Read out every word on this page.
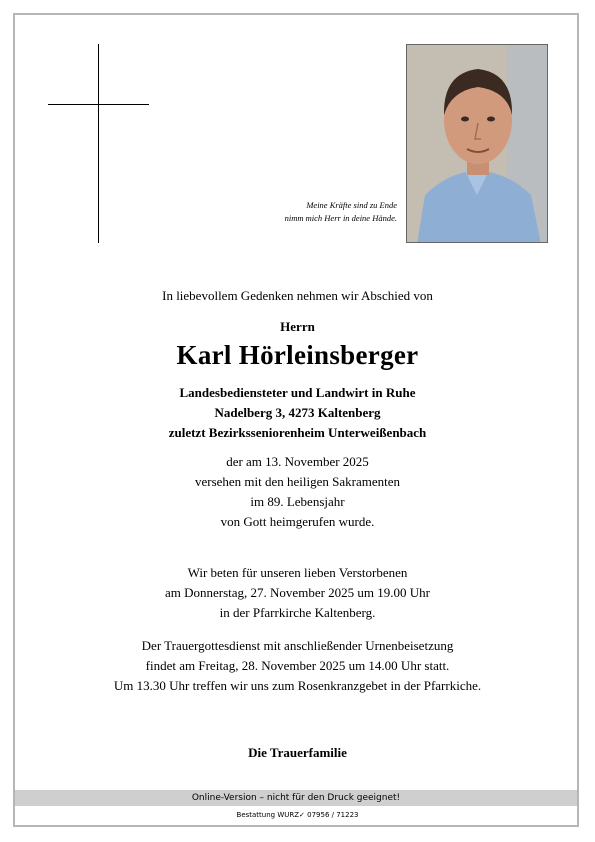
Meine Kräfte sind zu Ende
nimm mich Herr in deine Hände.
In liebevollem Gedenken nehmen wir Abschied von
Herrn
Karl Hörleinsberger
Landesbediensteter und Landwirt in Ruhe
Nadelberg 3, 4273 Kaltenberg
zuletzt Bezirksseniorenheim Unterweißenbach
der am 13. November 2025
versehen mit den heiligen Sakramenten
im 89. Lebensjahr
von Gott heimgerufen wurde.
Wir beten für unseren lieben Verstorbenen
am Donnerstag, 27. November 2025 um 19.00 Uhr
in der Pfarrkirche Kaltenberg.
Der Trauergottesdienst mit anschließender Urnenbeisetzung
findet am Freitag, 28. November 2025 um 14.00 Uhr statt.
Um 13.30 Uhr treffen wir uns zum Rosenkranzgebet in der Pfarrkiche.
Die Trauerfamilie
Online-Version – nicht für den Druck geeignet!
Bestattung WURZ✓ 07956 / 71223
